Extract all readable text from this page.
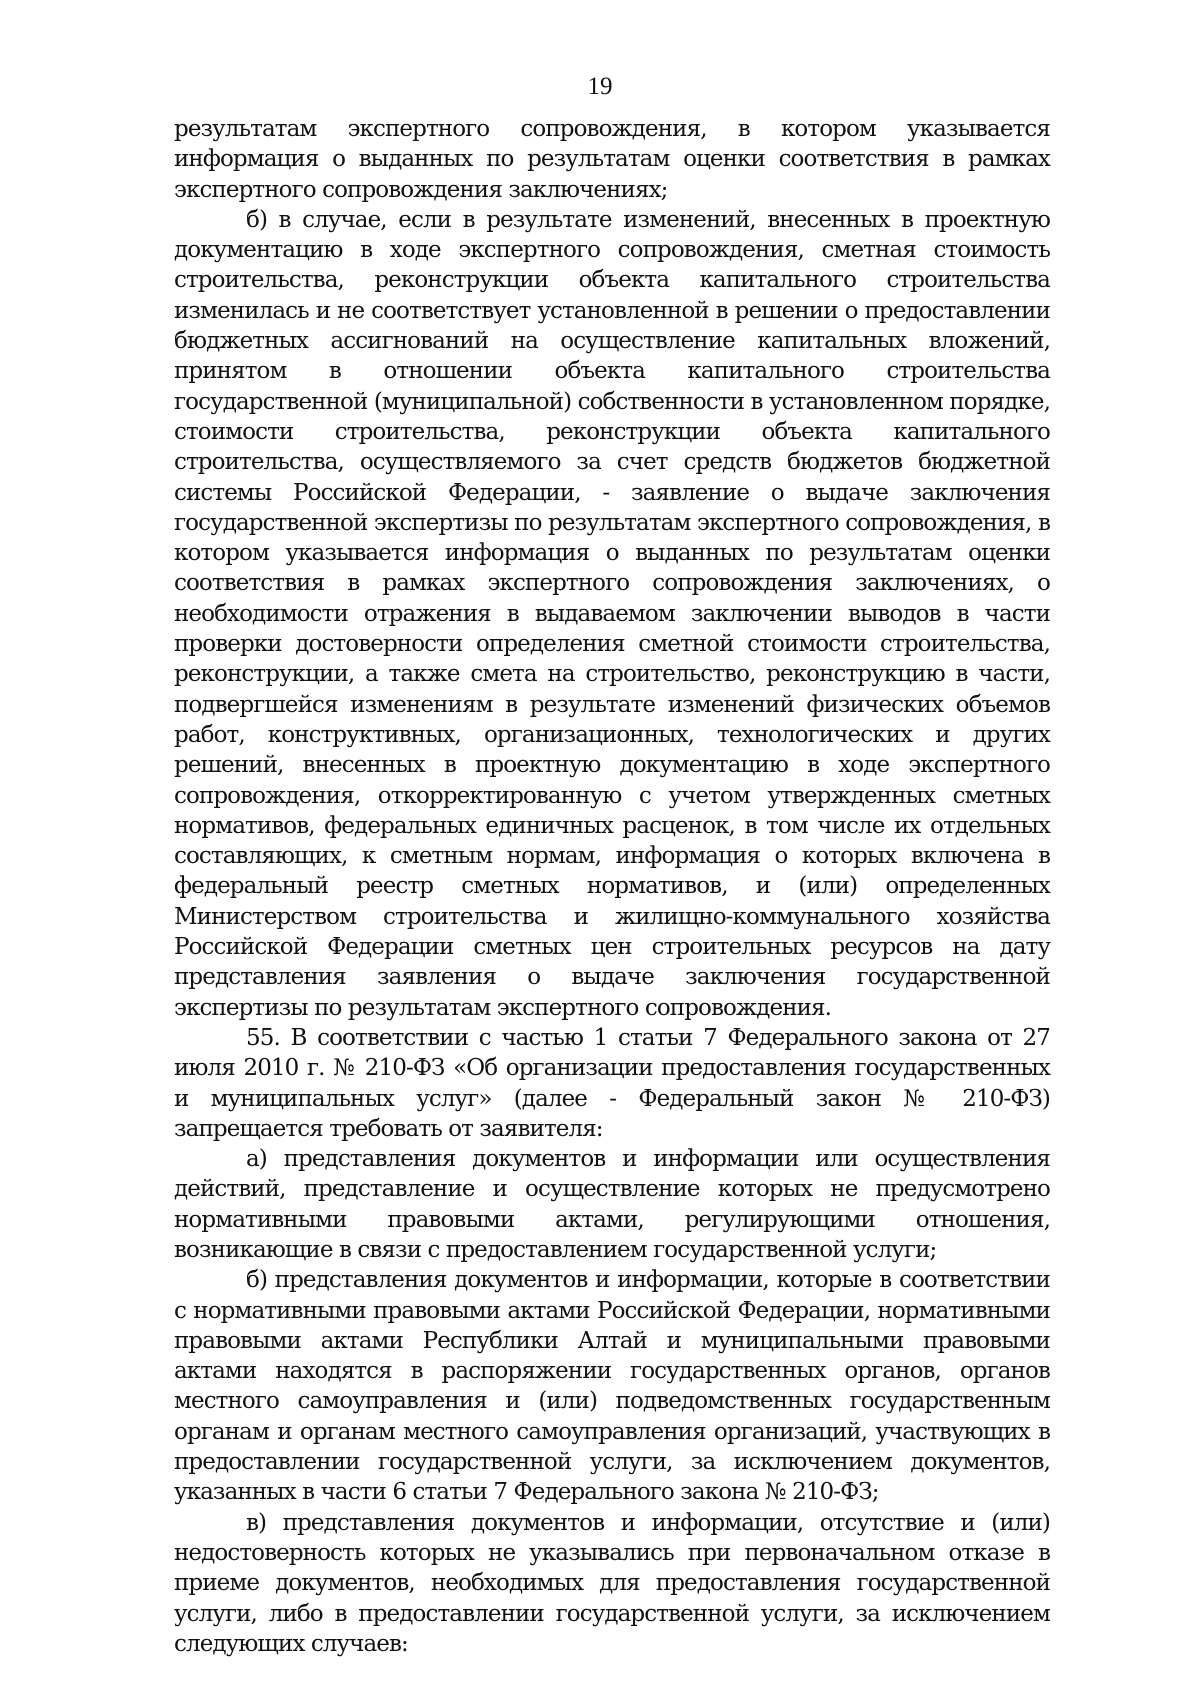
19

результатам экспертного сопровождения, в котором указывается информация о выданных по результатам оценки соответствия в рамках экспертного сопровождения заключениях;

б) в случае, если в результате изменений, внесенных в проектную документацию в ходе экспертного сопровождения, сметная стоимость строительства, реконструкции объекта капитального строительства изменилась и не соответствует установленной в решении о предоставлении бюджетных ассигнований на осуществление капитальных вложений, принятом в отношении объекта капитального строительства государственной (муниципальной) собственности в установленном порядке, стоимости строительства, реконструкции объекта капитального строительства, осуществляемого за счет средств бюджетов бюджетной системы Российской Федерации, - заявление о выдаче заключения государственной экспертизы по результатам экспертного сопровождения, в котором указывается информация о выданных по результатам оценки соответствия в рамках экспертного сопровождения заключениях, о необходимости отражения в выдаваемом заключении выводов в части проверки достоверности определения сметной стоимости строительства, реконструкции, а также смета на строительство, реконструкцию в части, подвергшейся изменениям в результате изменений физических объемов работ, конструктивных, организационных, технологических и других решений, внесенных в проектную документацию в ходе экспертного сопровождения, откорректированную с учетом утвержденных сметных нормативов, федеральных единичных расценок, в том числе их отдельных составляющих, к сметным нормам, информация о которых включена в федеральный реестр сметных нормативов, и (или) определенных Министерством строительства и жилищно-коммунального хозяйства Российской Федерации сметных цен строительных ресурсов на дату представления заявления о выдаче заключения государственной экспертизы по результатам экспертного сопровождения.

55. В соответствии с частью 1 статьи 7 Федерального закона от 27 июля 2010 г. № 210-ФЗ «Об организации предоставления государственных и муниципальных услуг» (далее - Федеральный закон № 210-ФЗ) запрещается требовать от заявителя:

а) представления документов и информации или осуществления действий, представление и осуществление которых не предусмотрено нормативными правовыми актами, регулирующими отношения, возникающие в связи с предоставлением государственной услуги;

б) представления документов и информации, которые в соответствии с нормативными правовыми актами Российской Федерации, нормативными правовыми актами Республики Алтай и муниципальными правовыми актами находятся в распоряжении государственных органов, органов местного самоуправления и (или) подведомственных государственным органам и органам местного самоуправления организаций, участвующих в предоставлении государственной услуги, за исключением документов, указанных в части 6 статьи 7 Федерального закона № 210-ФЗ;

в) представления документов и информации, отсутствие и (или) недостоверность которых не указывались при первоначальном отказе в приеме документов, необходимых для предоставления государственной услуги, либо в предоставлении государственной услуги, за исключением следующих случаев:
